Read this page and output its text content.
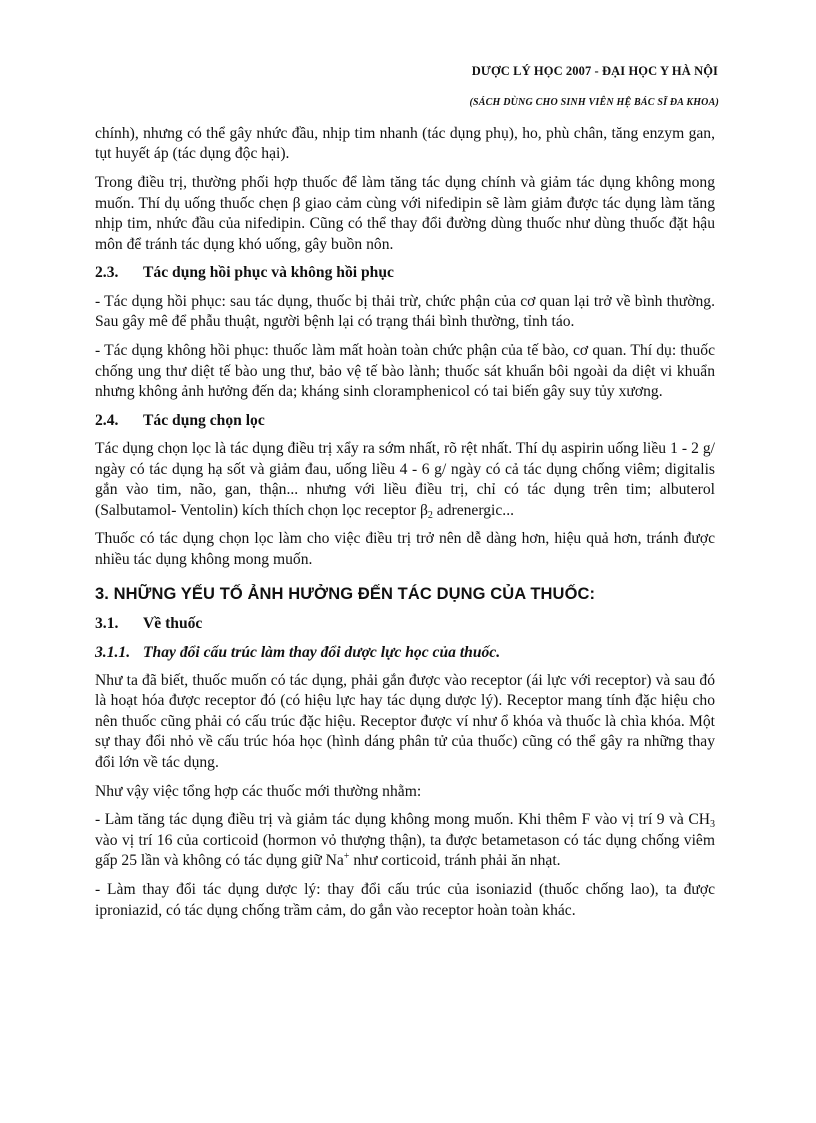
DƯỢC LÝ HỌC 2007 - ĐẠI HỌC Y HÀ NỘI
(SÁCH DÙNG CHO SINH VIÊN HỆ BÁC SĨ ĐA KHOA)

chính), nhưng có thể gây nhức đầu, nhịp tim nhanh (tác dụng phụ), ho, phù chân, tăng enzym gan, tụt huyết áp (tác dụng độc hại).

Trong điều trị, thường phối hợp thuốc để làm tăng tác dụng chính và giảm tác dụng không mong muốn. Thí dụ uống thuốc chẹn β giao cảm cùng với nifedipin sẽ làm giảm được tác dụng làm tăng nhịp tim, nhức đầu của nifedipin. Cũng có thể thay đổi đường dùng thuốc như dùng thuốc đặt hậu môn để tránh tác dụng khó uống, gây buồn nôn.

2.3. Tác dụng hồi phục và không hồi phục

- Tác dụng hồi phục: sau tác dụng, thuốc bị thải trừ, chức phận của cơ quan lại trở về bình thường. Sau gây mê để phẫu thuật, người bệnh lại có trạng thái bình thường, tỉnh táo.

- Tác dụng không hồi phục: thuốc làm mất hoàn toàn chức phận của tế bào, cơ quan. Thí dụ: thuốc chống ung thư diệt tế bào ung thư, bảo vệ tế bào lành; thuốc sát khuẩn bôi ngoài da diệt vi khuẩn nhưng không ảnh hưởng đến da; kháng sinh cloramphenicol có tai biến gây suy tủy xương.

2.4. Tác dụng chọn lọc

Tác dụng chọn lọc là tác dụng điều trị xẩy ra sớm nhất, rõ rệt nhất. Thí dụ aspirin uống liều 1 - 2 g/ ngày có tác dụng hạ sốt và giảm đau, uống liều 4 - 6 g/ ngày có cả tác dụng chống viêm; digitalis gắn vào tim, não, gan, thận... nhưng với liều điều trị, chỉ có tác dụng trên tim; albuterol (Salbutamol- Ventolin) kích thích chọn lọc receptor $\beta_2$ adrenergic...

Thuốc có tác dụng chọn lọc làm cho việc điều trị trở nên dễ dàng hơn, hiệu quả hơn, tránh được nhiều tác dụng không mong muốn.

3. NHỮNG YẾU TỐ ẢNH HƯỞNG ĐẾN TÁC DỤNG CỦA THUỐC:
3.1. Về thuốc
3.1.1. Thay đổi cấu trúc làm thay đổi dược lực học của thuốc.

Như ta đã biết, thuốc muốn có tác dụng, phải gắn được vào receptor (ái lực với receptor) và sau đó là hoạt hóa được receptor đó (có hiệu lực hay tác dụng dược lý). Receptor mang tính đặc hiệu cho nên thuốc cũng phải có cấu trúc đặc hiệu. Receptor được ví như ổ khóa và thuốc là chìa khóa. Một sự thay đổi nhỏ về cấu trúc hóa học (hình dáng phân tử của thuốc) cũng có thể gây ra những thay đổi lớn về tác dụng.

Như vậy việc tổng hợp các thuốc mới thường nhằm:

- Làm tăng tác dụng điều trị và giảm tác dụng không mong muốn. Khi thêm F vào vị trí 9 và $CH_3$ vào vị trí 16 của corticoid (hormon vỏ thượng thận), ta được betametason có tác dụng chống viêm gấp 25 lần và không có tác dụng giữ Na+ như corticoid, tránh phải ăn nhạt.

- Làm thay đổi tác dụng dược lý: thay đổi cấu trúc của isoniazid (thuốc chống lao), ta được iproniazid, có tác dụng chống trầm cảm, do gắn vào receptor hoàn toàn khác.
